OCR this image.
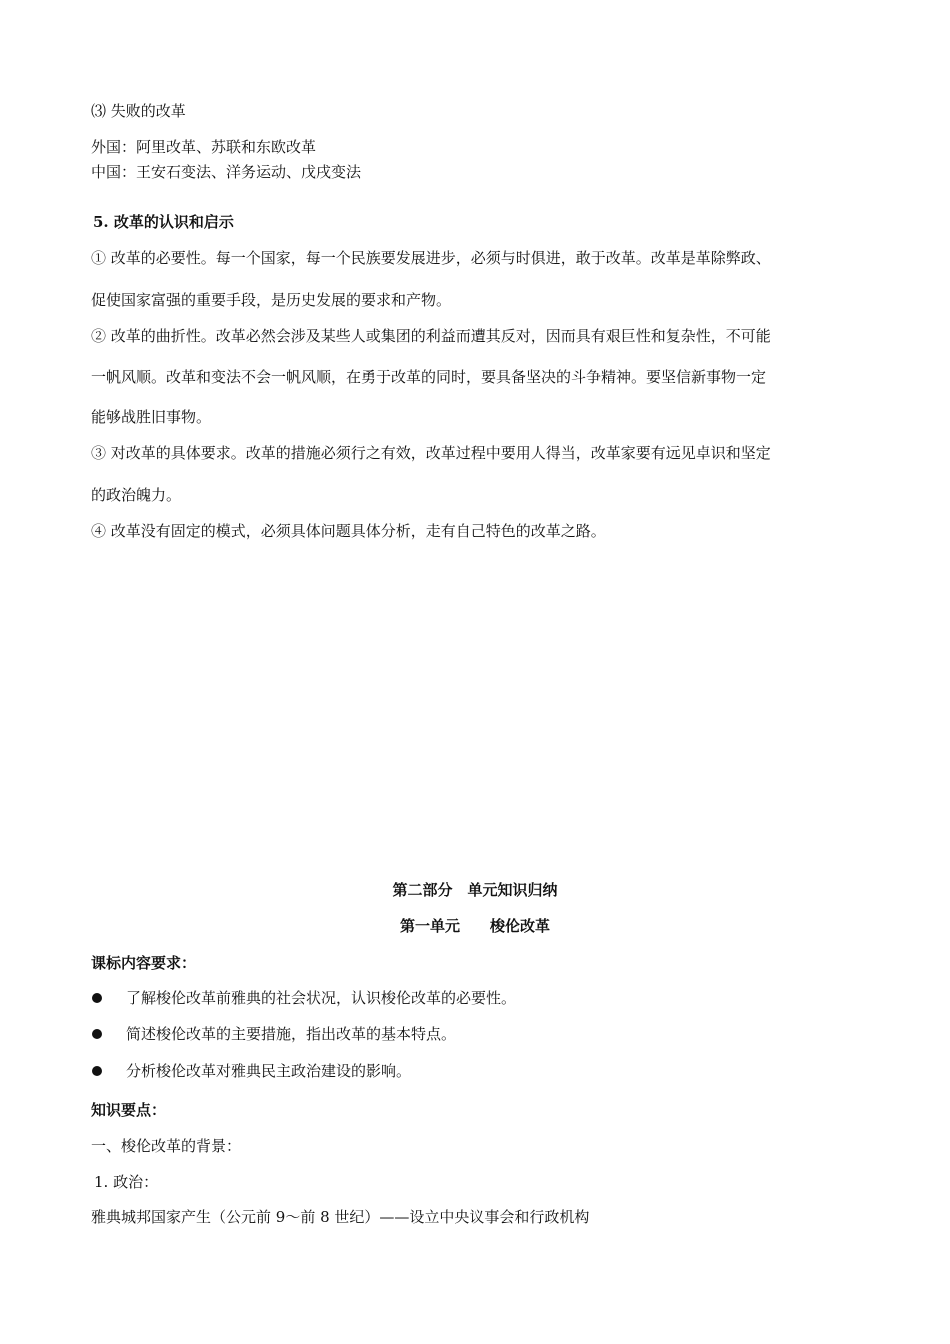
⑶ 失败的改革
外国：阿里改革、苏联和东欧改革
中国：王安石变法、洋务运动、戊戌变法
5. 改革的认识和启示
① 改革的必要性。每一个国家，每一个民族要发展进步，必须与时俱进，敢于改革。改革是革除弊政、
促使国家富强的重要手段，是历史发展的要求和产物。
② 改革的曲折性。改革必然会涉及某些人或集团的利益而遭其反对，因而具有艰巨性和复杂性，不可能
一帆风顺。改革和变法不会一帆风顺，在勇于改革的同时，要具备坚决的斗争精神。要坚信新事物一定
能够战胜旧事物。
③ 对改革的具体要求。改革的措施必须行之有效，改革过程中要用人得当，改革家要有远见卓识和坚定
的政治魄力。
④ 改革没有固定的模式，必须具体问题具体分析，走有自己特色的改革之路。
第二部分　单元知识归纳
第一单元　　梭伦改革
课标内容要求：
了解梭伦改革前雅典的社会状况，认识梭伦改革的必要性。
简述梭伦改革的主要措施，指出改革的基本特点。
分析梭伦改革对雅典民主政治建设的影响。
知识要点：
一、梭伦改革的背景：
1. 政治：
雅典城邦国家产生（公元前 9～前 8 世纪）——设立中央议事会和行政机构
